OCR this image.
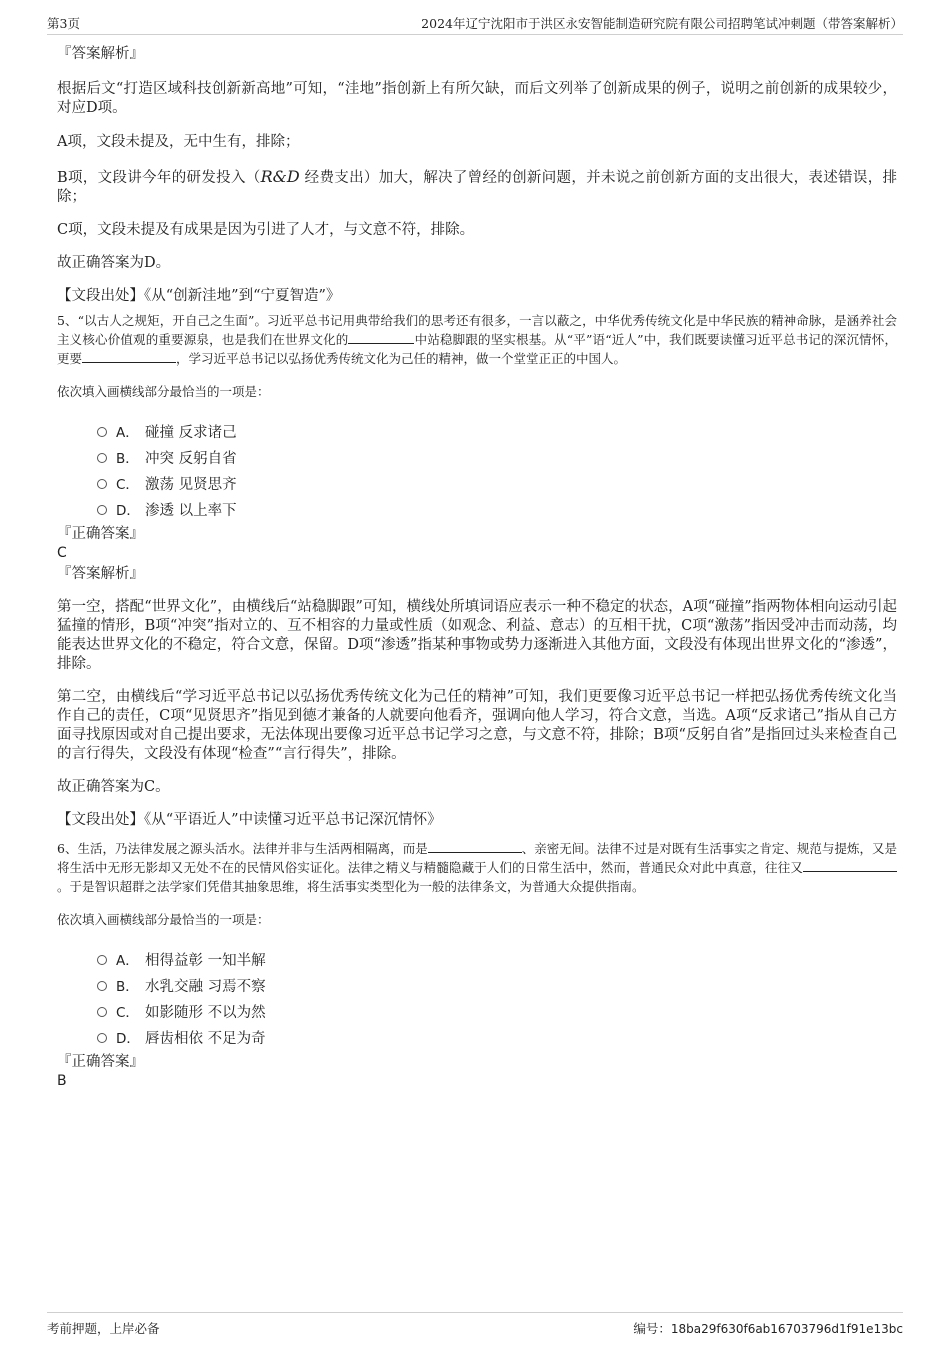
第3页	2024年辽宁沈阳市于洪区永安智能制造研究院有限公司招聘笔试冲刺题（带答案解析）

『答案解析』

根据后文“打造区域科技创新新高地”可知，“洼地”指创新上有所欠缺，而后文列举了创新成果的例子，说明之前创新的成果较少，对应D项。

A项，文段未提及，无中生有，排除；

B项，文段讲今年的研发投入（R&D 经费支出）加大，解决了曾经的创新问题，并未说之前创新方面的支出很大，表述错误，排除；

C项，文段未提及有成果是因为引进了人才，与文意不符，排除。

故正确答案为D。

【文段出处】《从“创新洼地”到“宁夏智造”》

5、“以古人之规矩，开自己之生面”。习近平总书记用典带给我们的思考还有很多，一言以蔽之，中华优秀传统文化是中华民族的精神命脉，是涵养社会主义核心价值观的重要源泉，也是我们在世界文化的	中站稳脚跟的坚实根基。从“平”语“近人”中，我们既要读懂习近平总书记的深沉情怀，更要	，学习近平总书记以弘扬优秀传统文化为己任的精神，做一个堂堂正正的中国人。

依次填入画横线部分最恰当的一项是：

A． 碰撞 反求诸己
B． 冲突 反躬自省
C． 激荡 见贤思齐
D． 渗透 以上率下

『正确答案』

C

『答案解析』

第一空，搭配“世界文化”，由横线后“站稳脚跟”可知，横线处所填词语应表示一种不稳定的状态，A项“碰撞”指两物体相向运动引起猛撞的情形，B项“冲突”指对立的、互不相容的力量或性质（如观念、利益、意志）的互相干扰，C项“激荡”指因受冲击而动荡，均能表达世界文化的不稳定，符合文意，保留。D项“渗透”指某种事物或势力逐渐进入其他方面，文段没有体现出世界文化的“渗透”，排除。

第二空，由横线后“学习近平总书记以弘扬优秀传统文化为己任的精神”可知，我们更要像习近平总书记一样把弘扬优秀传统文化当作自己的责任，C项“见贤思齐”指见到德才兼备的人就要向他看齐，强调向他人学习，符合文意，当选。A项“反求诸己”指从自己方面寻找原因或对自己提出要求，无法体现出要像习近平总书记学习之意，与文意不符，排除；B项“反躬自省”是指回过头来检查自己的言行得失，文段没有体现“检查”“言行得失”，排除。

故正确答案为C。

【文段出处】《从“平语近人”中读懂习近平总书记深沉情怀》

6、生活，乃法律发展之源头活水。法律并非与生活两相隔离，而是	、亲密无间。法律不过是对既有生活事实之肯定、规范与提炼，又是将生活中无形无影却又无处不在的民情风俗实证化。法律之精义与精髓隐藏于人们的日常生活中，然而，普通民众对此中真意，往往又。于是智识超群之法学家们凭借其抽象思维，将生活事实类型化为一般的法律条文，为普通大众提供指南。

依次填入画横线部分最恰当的一项是：

A． 相得益彰 一知半解
B． 水乳交融 习焉不察
C． 如影随形 不以为然
D． 唇齿相依 不足为奇

『正确答案』

B

考前押题，上岸必备	编号：18ba29f630f6ab16703796d1f91e13bc
